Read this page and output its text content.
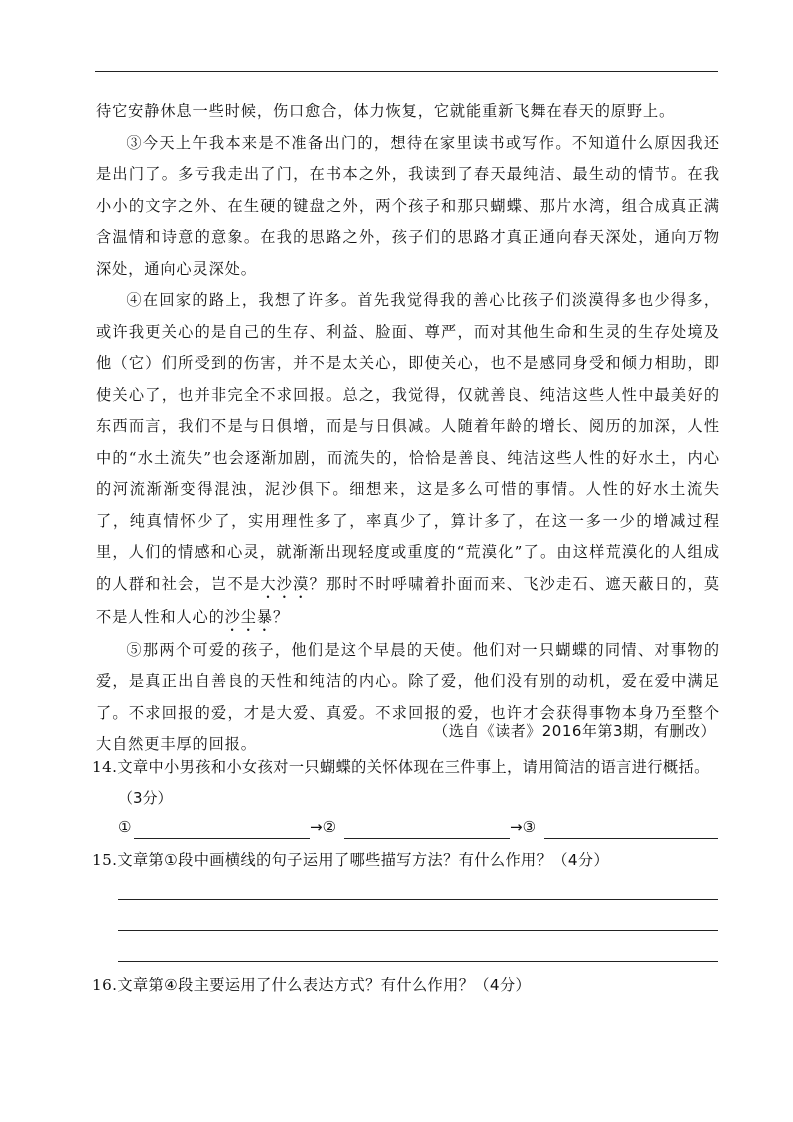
待它安静休息一些时候，伤口愈合，体力恢复，它就能重新飞舞在春天的原野上。

③今天上午我本来是不准备出门的，想待在家里读书或写作。不知道什么原因我还是出门了。多亏我走出了门，在书本之外，我读到了春天最纯洁、最生动的情节。在我小小的文字之外、在生硬的键盘之外，两个孩子和那只蝴蝶、那片水湾，组合成真正满含温情和诗意的意象。在我的思路之外，孩子们的思路才真正通向春天深处，通向万物深处，通向心灵深处。

④在回家的路上，我想了许多。首先我觉得我的善心比孩子们淡漠得多也少得多，或许我更关心的是自己的生存、利益、脸面、尊严，而对其他生命和生灵的生存处境及他（它）们所受到的伤害，并不是太关心，即使关心，也不是感同身受和倾力相助，即使关心了，也并非完全不求回报。总之，我觉得，仅就善良、纯洁这些人性中最美好的东西而言，我们不是与日俱增，而是与日俱减。人随着年龄的增长、阅历的加深，人性中的“水土流失”也会逐渐加剧，而流失的，恰恰是善良、纯洁这些人性的好水土，内心的河流渐渐变得混浊，泥沙俱下。细想来，这是多么可惜的事情。人性的好水土流失了，纯真情怀少了，实用理性多了，率真少了，算计多了，在这一多一少的增减过程里，人们的情感和心灵，就渐渐出现轻度或重度的“荒漠化”了。由这样荒漠化的人组成的人群和社会，岂不是大沙漠？那时不时呼啸着扑面而来、飞沙走石、遮天蔽日的，莫不是人性和人心的沙尘暴？

⑤那两个可爱的孩子，他们是这个早晨的天使。他们对一只蝴蝶的同情、对事物的爱，是真正出自善良的天性和纯洁的内心。除了爱，他们没有别的动机，爱在爱中满足了。不求回报的爱，才是大爱、真爱。不求回报的爱，也许才会获得事物本身乃至整个大自然更丰厚的回报。

（选自《读者》2016年第3期，有删改）
14.文章中小男孩和小女孩对一只蝴蝶的关怀体现在三件事上，请用简洁的语言进行概括。
（3分）
①	→②	→③
15.文章第①段中画横线的句子运用了哪些描写方法？有什么作用？（4分）
16.文章第④段主要运用了什么表达方式？有什么作用？（4分）
